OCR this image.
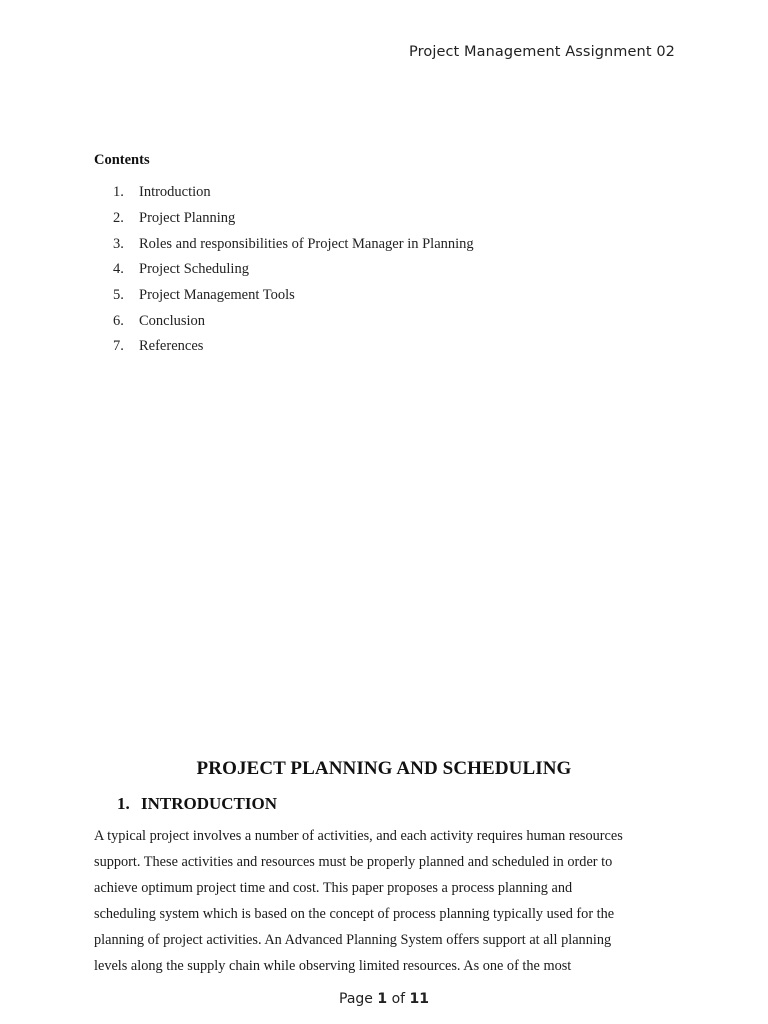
Project Management Assignment 02
Contents
1.	Introduction
2.	Project Planning
3.	Roles and responsibilities of Project Manager in Planning
4.	Project Scheduling
5.	Project Management Tools
6.	Conclusion
7.	References
PROJECT PLANNING AND SCHEDULING
1. INTRODUCTION

A typical project involves a number of activities, and each activity requires human resources
support. These activities and resources must be properly planned and scheduled in order to
achieve optimum project time and cost. This paper proposes a process planning and
scheduling system which is based on the concept of process planning typically used for the
planning of project activities. An Advanced Planning System offers support at all planning
levels along the supply chain while observing limited resources. As one of the most

Page 1 of 11
